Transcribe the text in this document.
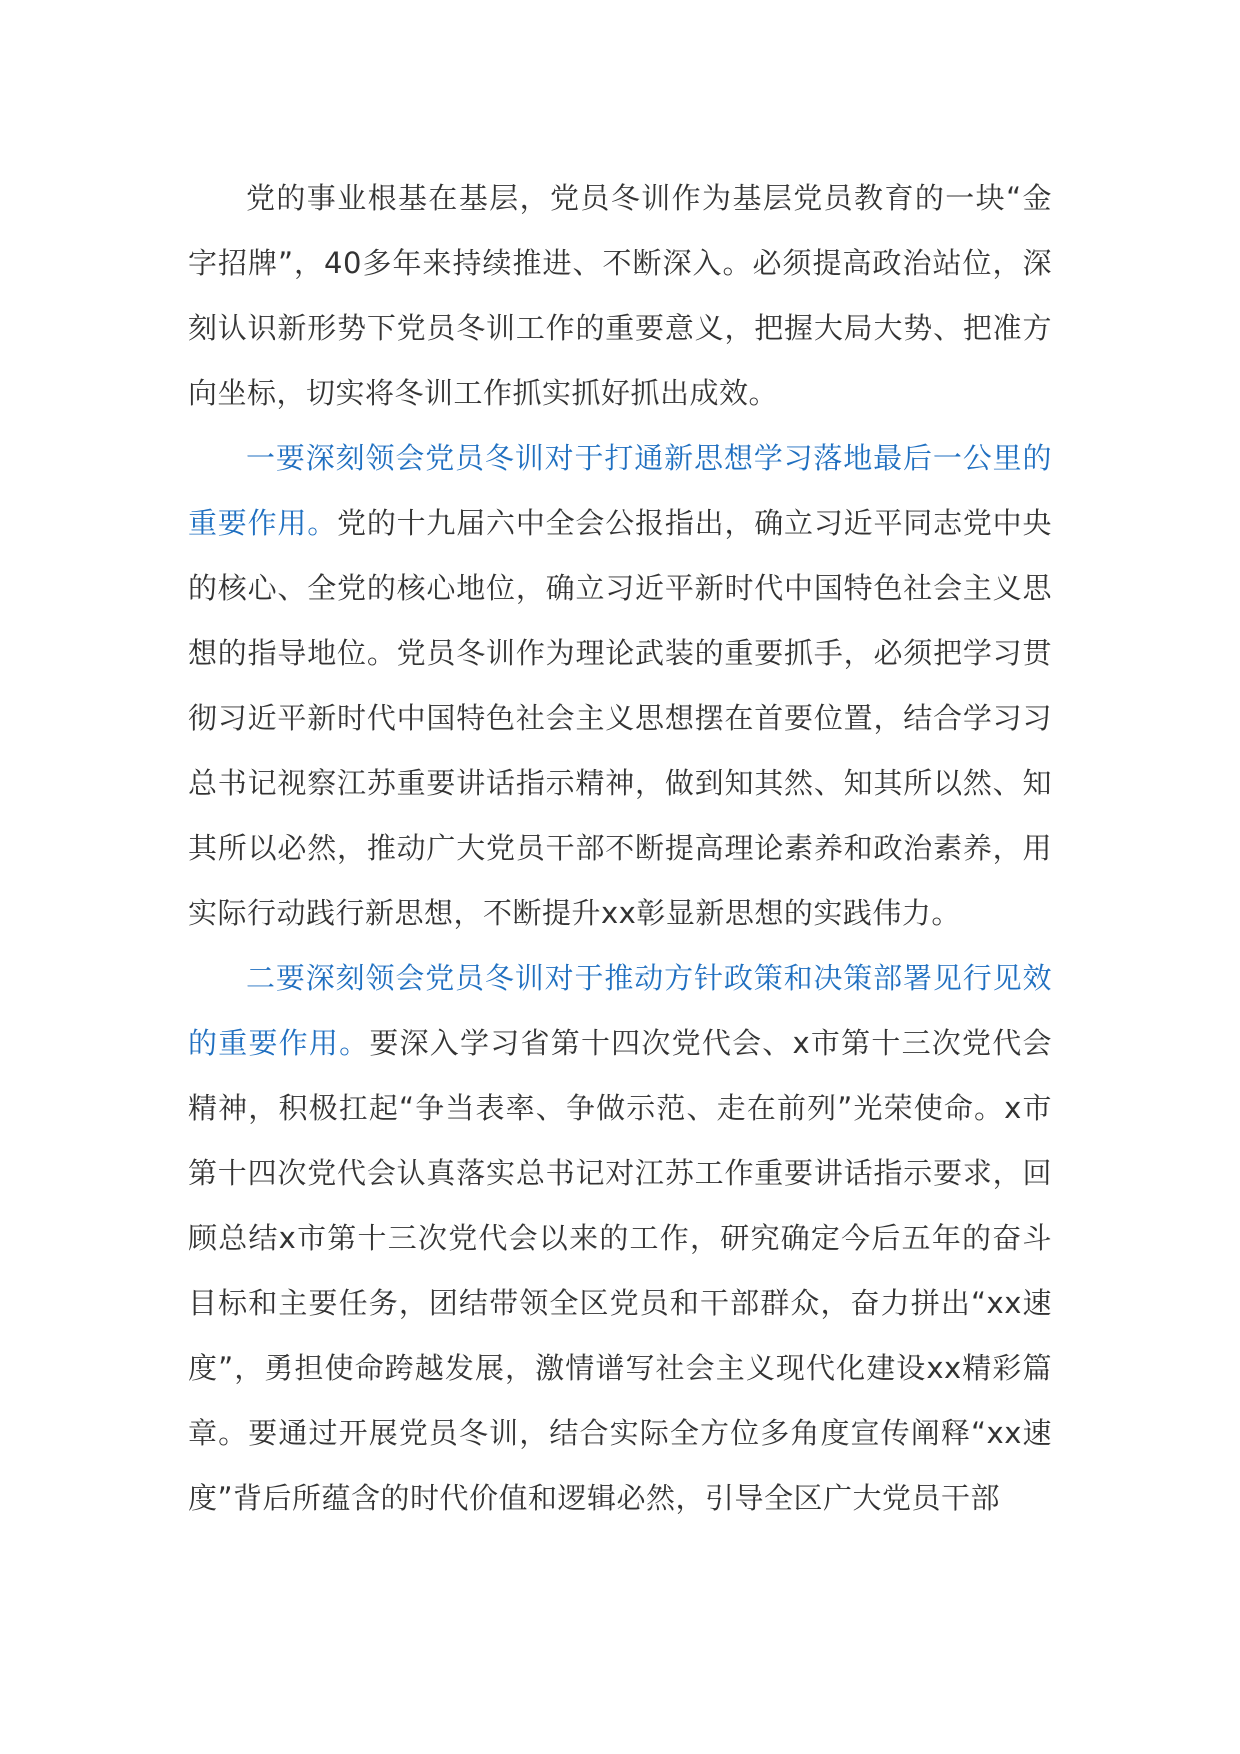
党的事业根基在基层，党员冬训作为基层党员教育的一块“金字招牌”，40多年来持续推进、不断深入。必须提高政治站位，深刻认识新形势下党员冬训工作的重要意义，把握大局大势、把准方向坐标，切实将冬训工作抓实抓好抓出成效。

一要深刻领会党员冬训对于打通新思想学习落地最后一公里的重要作用。党的十九届六中全会公报指出，确立习近平同志党中央的核心、全党的核心地位，确立习近平新时代中国特色社会主义思想的指导地位。党员冬训作为理论武装的重要抓手，必须把学习贯彻习近平新时代中国特色社会主义思想摆在首要位置，结合学习习总书记视察江苏重要讲话指示精神，做到知其然、知其所以然、知其所以必然，推动广大党员干部不断提高理论素养和政治素养，用实际行动践行新思想，不断提升xx彰显新思想的实践伟力。

二要深刻领会党员冬训对于推动方针政策和决策部署见行见效的重要作用。要深入学习省第十四次党代会、x市第十三次党代会精神，积极扛起“争当表率、争做示范、走在前列”光荣使命。x市第十四次党代会认真落实总书记对江苏工作重要讲话指示要求，回顾总结x市第十三次党代会以来的工作，研究确定今后五年的奋斗目标和主要任务，团结带领全区党员和干部群众，奋力拼出“xx速度”，勇担使命跨越发展，激情谱写社会主义现代化建设xx精彩篇章。要通过开展党员冬训，结合实际全方位多角度宣传阐释“xx速度”背后所蕴含的时代价值和逻辑必然，引导全区广大党员干部
